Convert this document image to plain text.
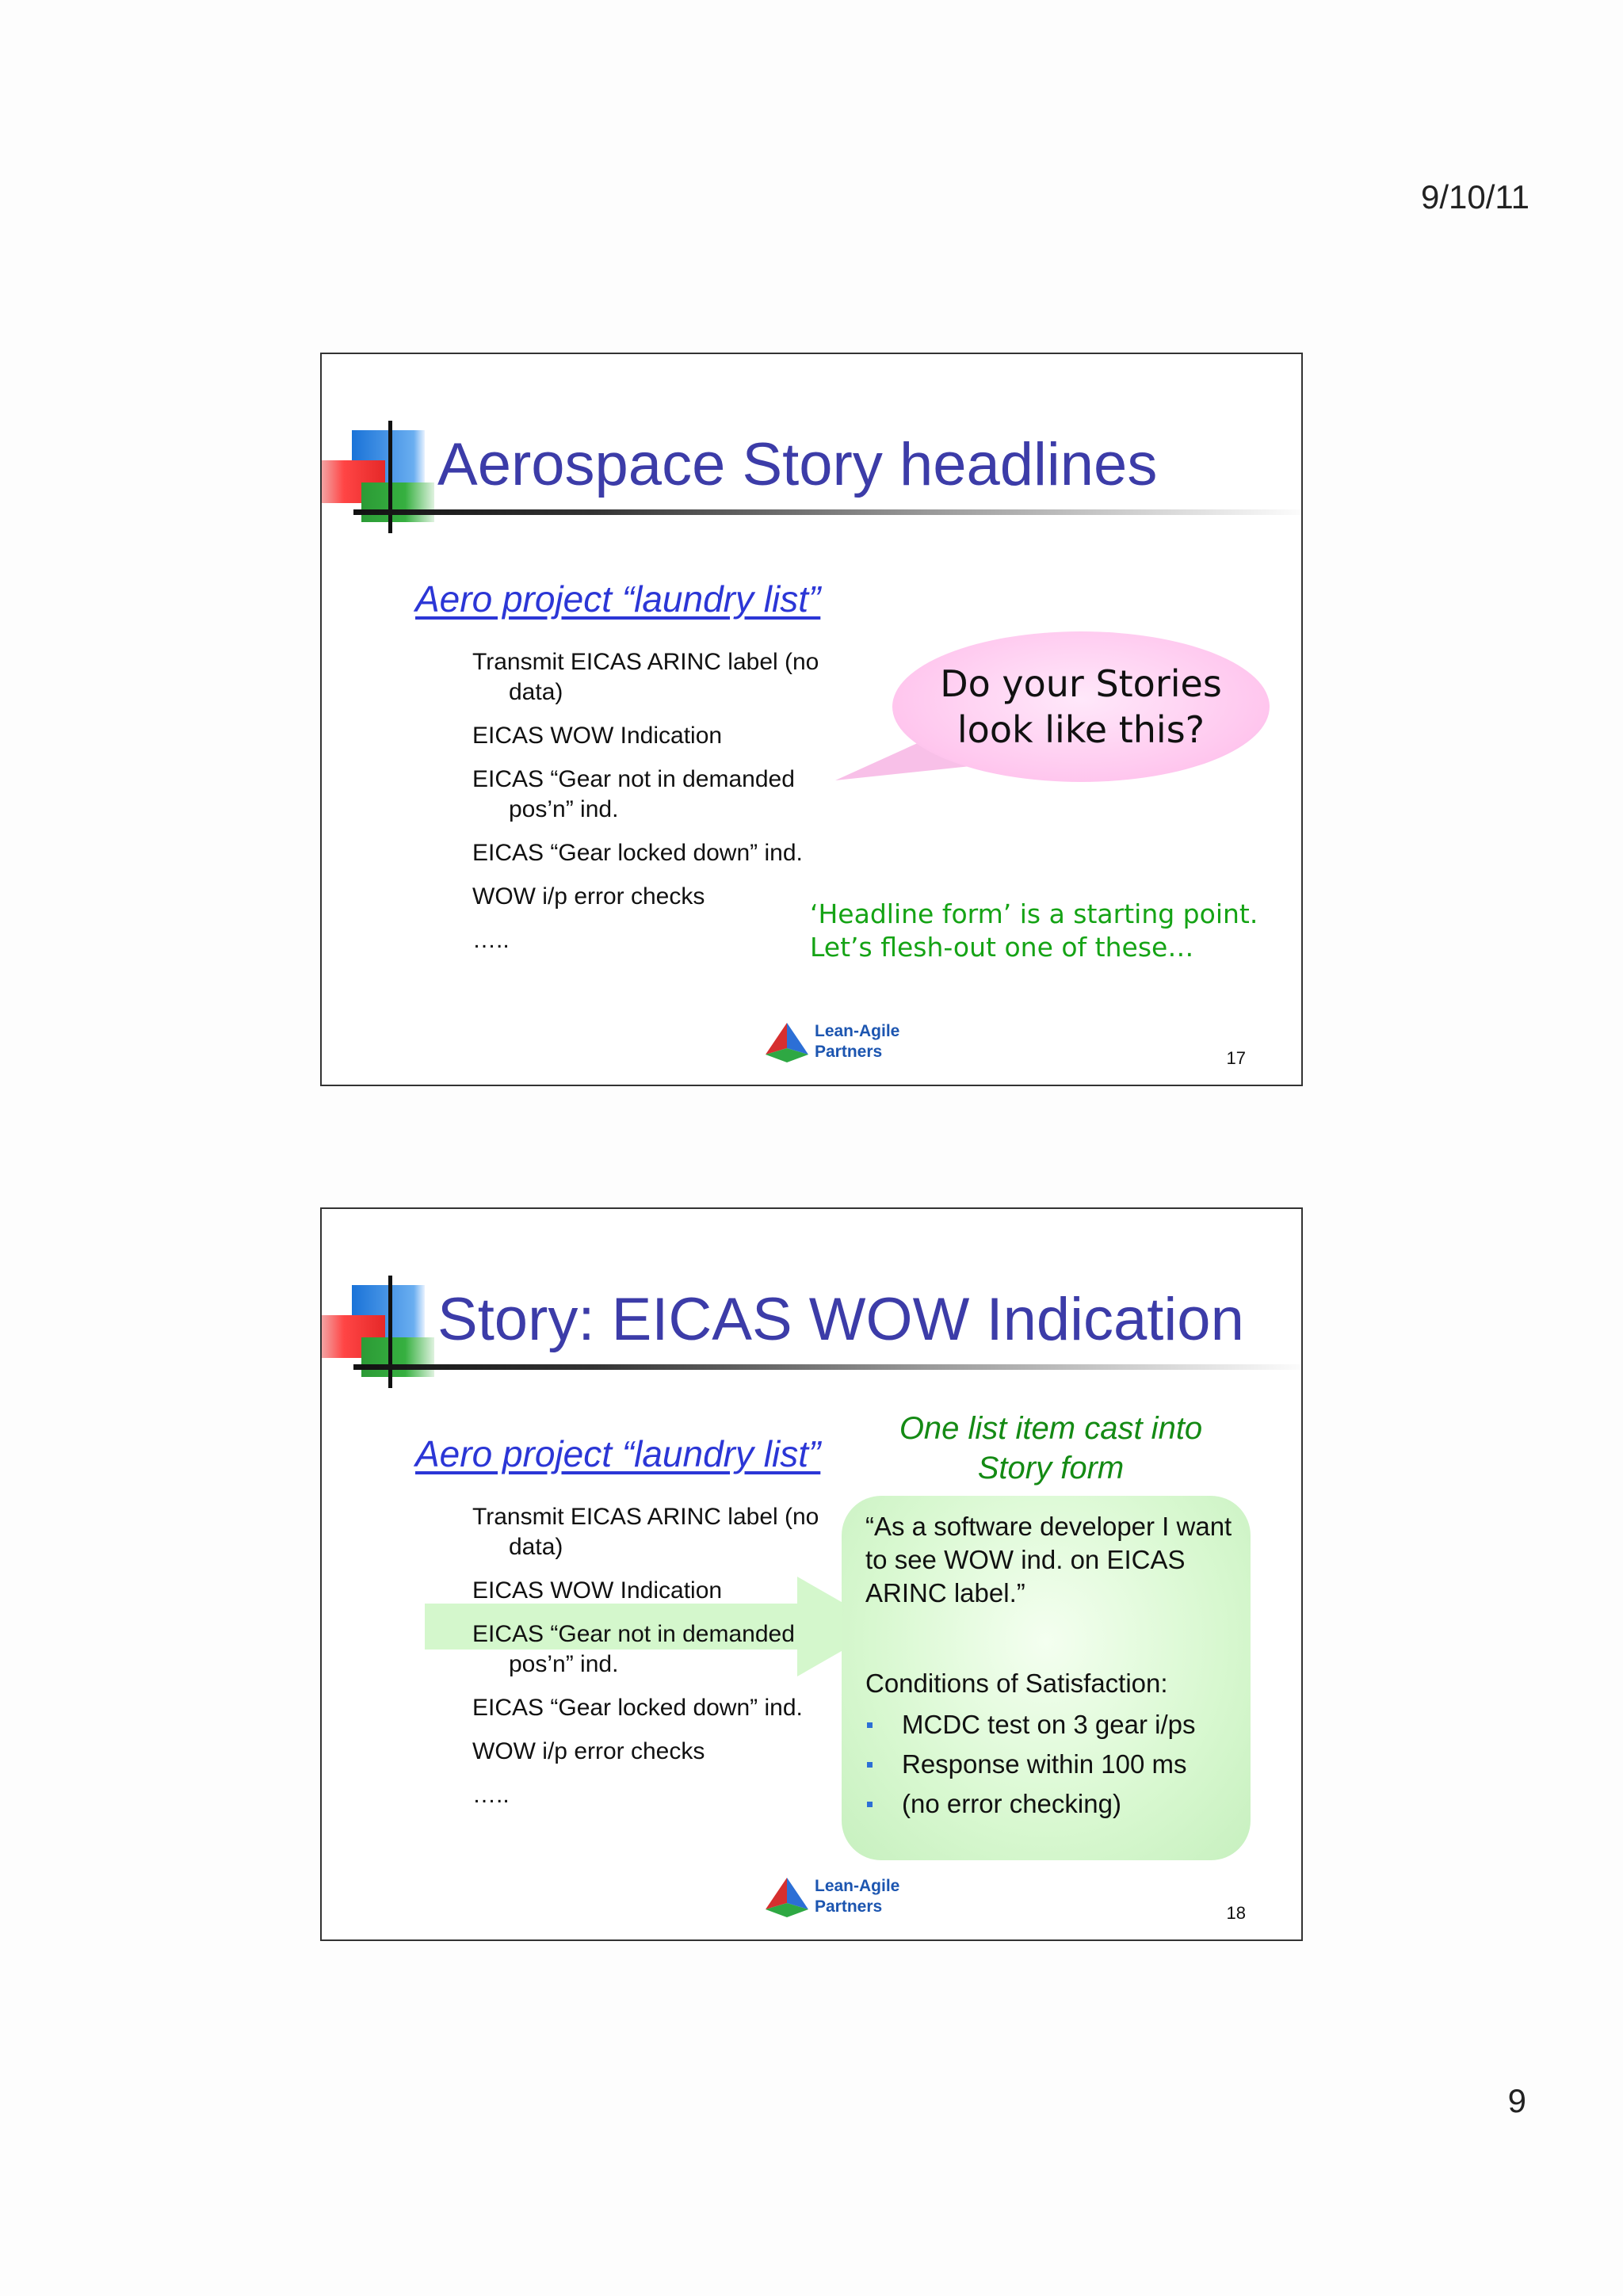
9/10/11
Aerospace Story headlines
Aero project “laundry list”
Transmit EICAS ARINC label (no data)
EICAS WOW Indication
EICAS “Gear not in demanded pos’n” ind.
EICAS “Gear locked down” ind.
WOW i/p error checks
…..
Do your Stories
look like this?
‘Headline form’ is a starting point.
Let’s flesh-out one of these…
Lean-Agile
Partners	17
Story: EICAS WOW Indication
One list item cast into
Story form
Aero project “laundry list”
Transmit EICAS ARINC label (no data)
EICAS WOW Indication
EICAS “Gear not in demanded pos’n” ind.
EICAS “Gear locked down” ind.
WOW i/p error checks
…..
“As a software developer I want to see WOW ind. on EICAS ARINC label.”
Conditions of Satisfaction:
MCDC test on 3 gear i/ps
Response within 100 ms
(no error checking)
Lean-Agile
Partners	18
9
